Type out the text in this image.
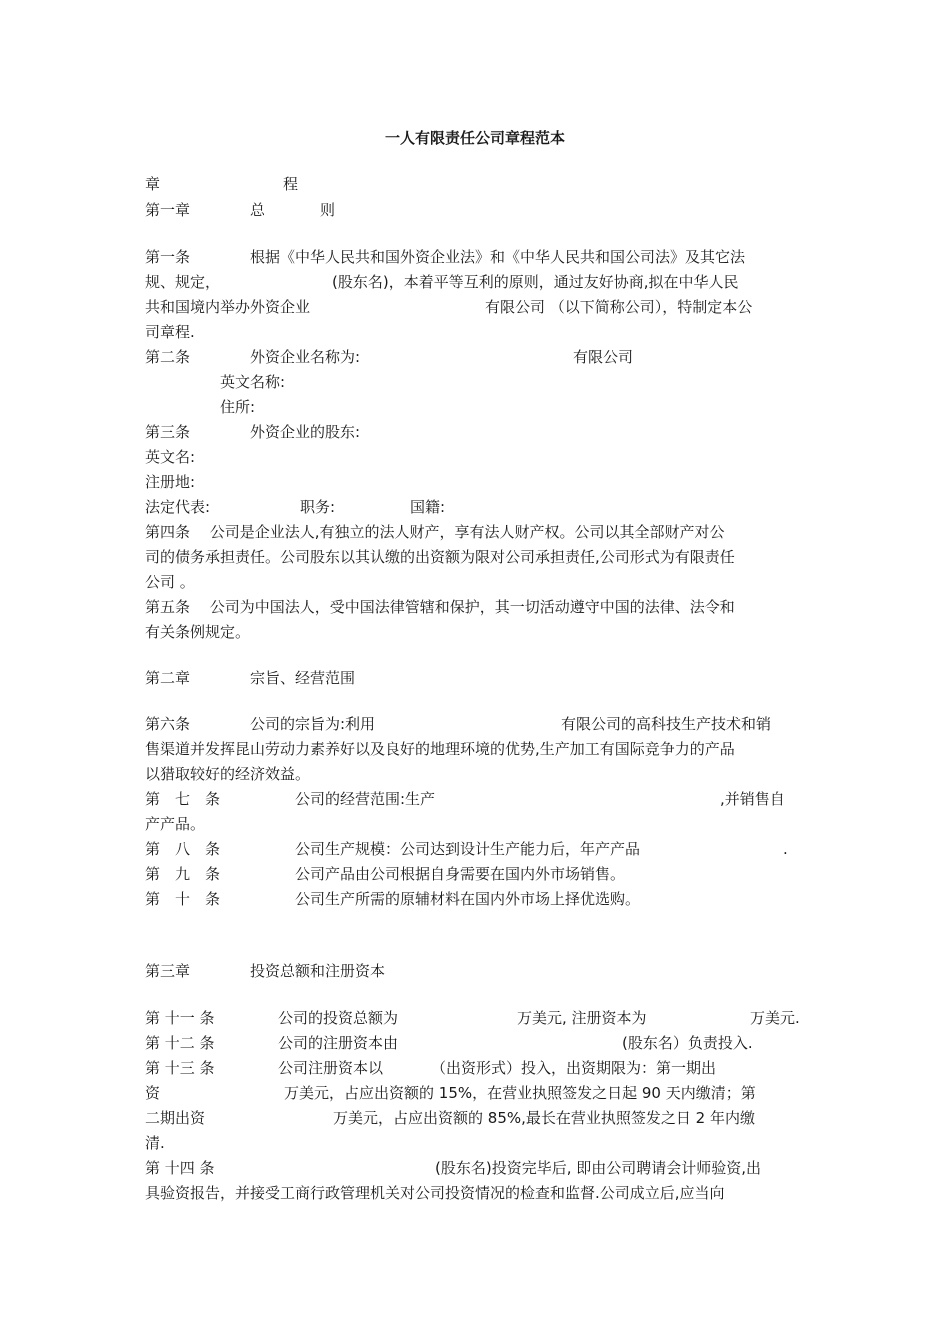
一人有限责任公司章程范本
章	程
第一章	总	则
第一条	根据《中华人民共和国外资企业法》和《中华人民共和国公司法》及其它法
规、规定，	(股东名)，本着平等互利的原则，通过友好协商,拟在中华人民
共和国境内举办外资企业	有限公司 （以下简称公司），特制定本公
司章程.
第二条	外资企业名称为:	有限公司
英文名称:
住所:
第三条	外资企业的股东:
英文名:
注册地:
法定代表:	职务:	国籍:
第四条　 公司是企业法人,有独立的法人财产，享有法人财产权。公司以其全部财产对公
司的债务承担责任。公司股东以其认缴的出资额为限对公司承担责任,公司形式为有限责任
公司 。
第五条　 公司为中国法人，受中国法律管辖和保护，其一切活动遵守中国的法律、法令和
有关条例规定。
第二章	宗旨、经营范围
第六条	公司的宗旨为:利用	有限公司的高科技生产技术和销
售渠道并发挥昆山劳动力素养好以及良好的地理环境的优势,生产加工有国际竞争力的产品
以猎取较好的经济效益。
第　七　条	公司的经营范围:生产	,并销售自
产产品。
第　八　条	公司生产规模：公司达到设计生产能力后，年产产品	.
第　九　条	公司产品由公司根据自身需要在国内外市场销售。
第　十　条	公司生产所需的原辅材料在国内外市场上择优选购。
第三章	投资总额和注册资本
第 十一 条	公司的投资总额为	万美元, 注册资本为	万美元.
第 十二 条	公司的注册资本由	(股东名）负责投入.
第 十三 条	公司注册资本以	（出资形式）投入，出资期限为：第一期出
资	万美元，占应出资额的 15%，在营业执照签发之日起 90 天内缴清；第
二期出资	万美元，占应出资额的 85%,最长在营业执照签发之日 2 年内缴
清.
第 十四 条	(股东名)投资完毕后, 即由公司聘请会计师验资,出
具验资报告，并接受工商行政管理机关对公司投资情况的检查和监督.公司成立后,应当向
